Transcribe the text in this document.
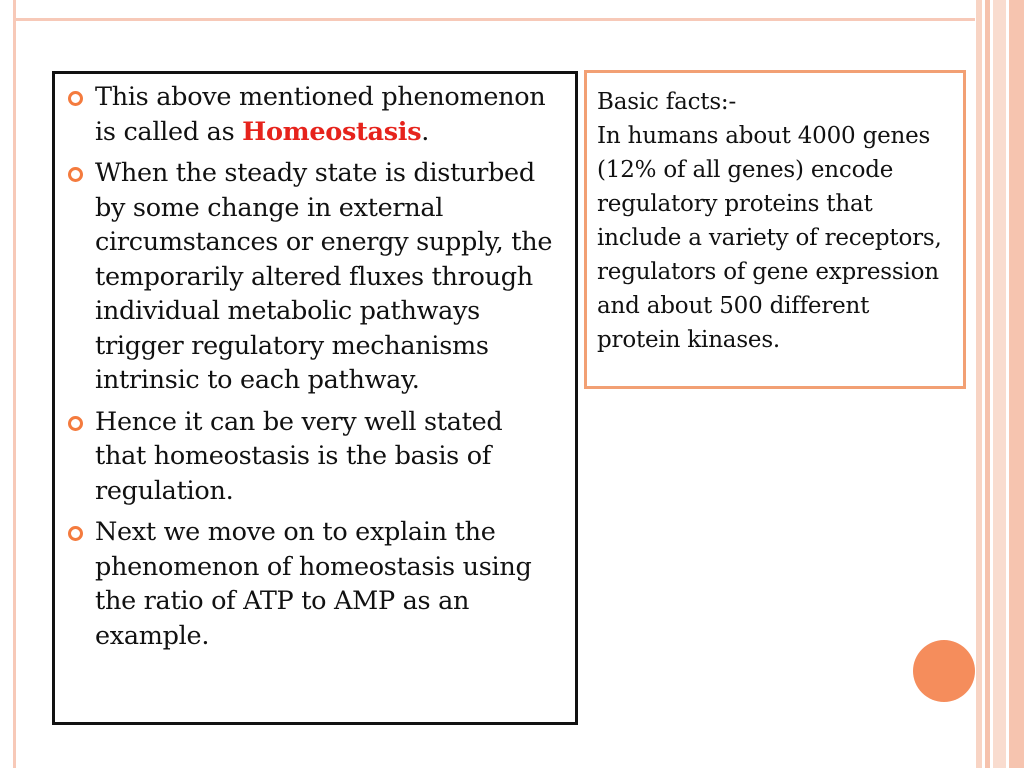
This above mentioned phenomenon is called as Homeostasis.
When the steady state is disturbed by some change in external circumstances or energy supply, the temporarily altered fluxes through individual metabolic pathways trigger regulatory mechanisms intrinsic to each pathway.
Hence it can be very well stated that homeostasis is the basis of regulation.
Next we move on to explain the phenomenon of homeostasis using the ratio of ATP to AMP as an example.

Basic facts:-

In humans about 4000 genes (12% of all genes) encode regulatory proteins that include a variety of receptors, regulators of gene expression and about 500 different protein kinases.
